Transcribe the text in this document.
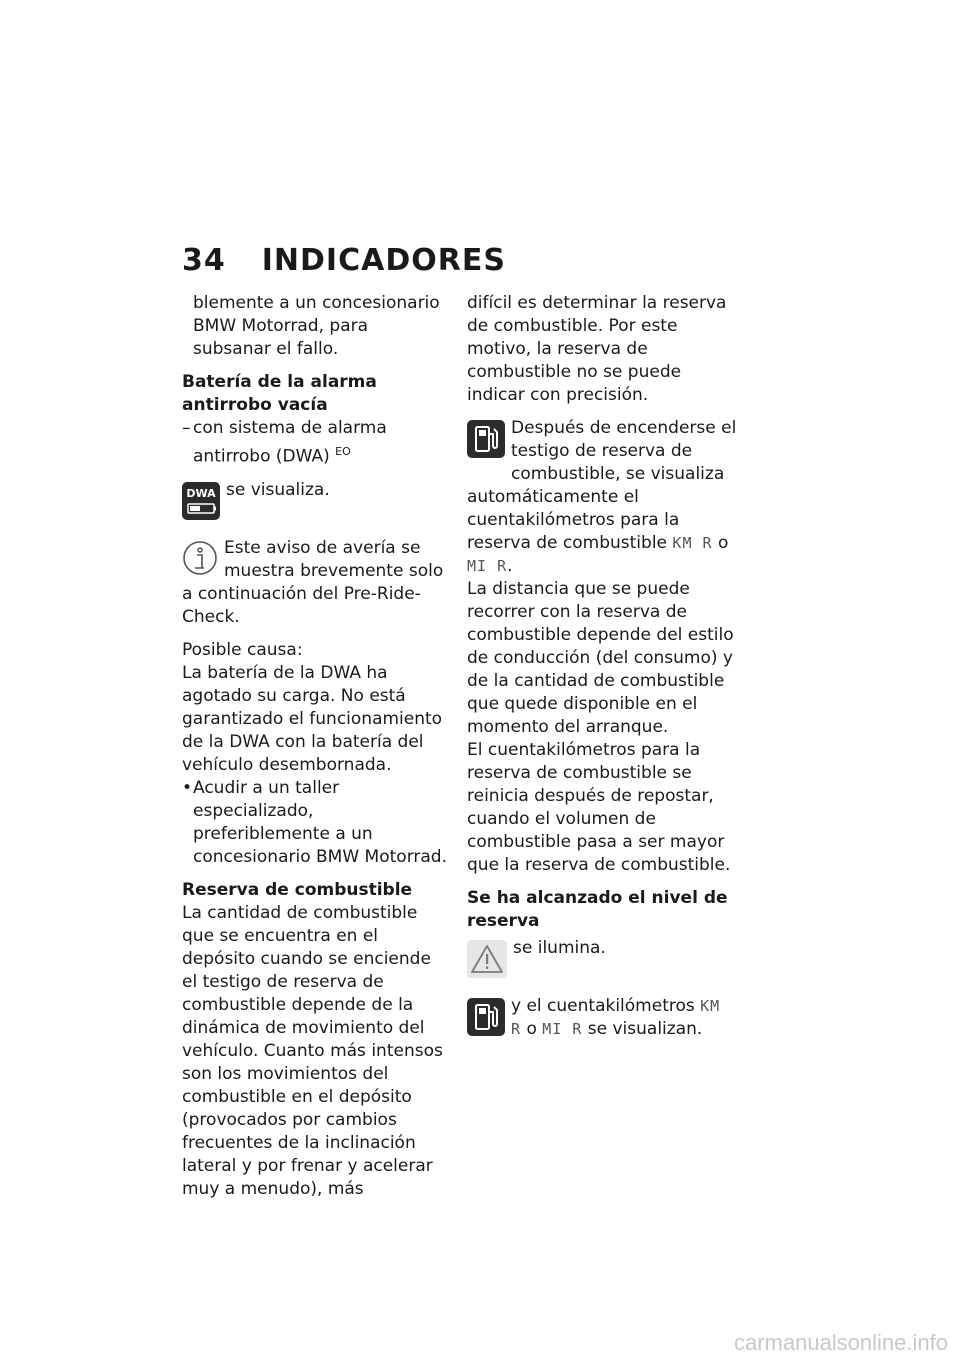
34 INDICADORES

blemente a un concesionario BMW Motorrad, para subsanar el fallo.

Batería de la alarma antirrobo vacía

– con sistema de alarma antirrobo (DWA) $^{EO}$

DWA se visualiza.

Este aviso de avería se muestra brevemente solo a continuación del Pre-Ride-Check.

Posible causa:

La batería de la DWA ha agotado su carga. No está garantizado el funcionamiento de la DWA con la batería del vehículo desembornada.

• Acudir a un taller especializado, preferiblemente a un concesionario BMW Motorrad.

Reserva de combustible

La cantidad de combustible que se encuentra en el depósito cuando se enciende el testigo de reserva de combustible depende de la dinámica de movimiento del vehículo. Cuanto más intensos son los movimientos del combustible en el depósito (provocados por cambios frecuentes de la inclinación lateral y por frenar y acelerar muy a menudo), más

difícil es determinar la reserva de combustible. Por este motivo, la reserva de combustible no se puede indicar con precisión.

Después de encenderse el testigo de reserva de combustible, se visualiza automáticamente el cuentakilómetros para la reserva de combustible KM R o MI R.

La distancia que se puede recorrer con la reserva de combustible depende del estilo de conducción (del consumo) y de la cantidad de combustible que quede disponible en el momento del arranque.

El cuentakilómetros para la reserva de combustible se reinicia después de repostar, cuando el volumen de combustible pasa a ser mayor que la reserva de combustible.

Se ha alcanzado el nivel de reserva

se ilumina.

y el cuentakilómetros KM R o MI R se visualizan.

carmanualsonline.info
